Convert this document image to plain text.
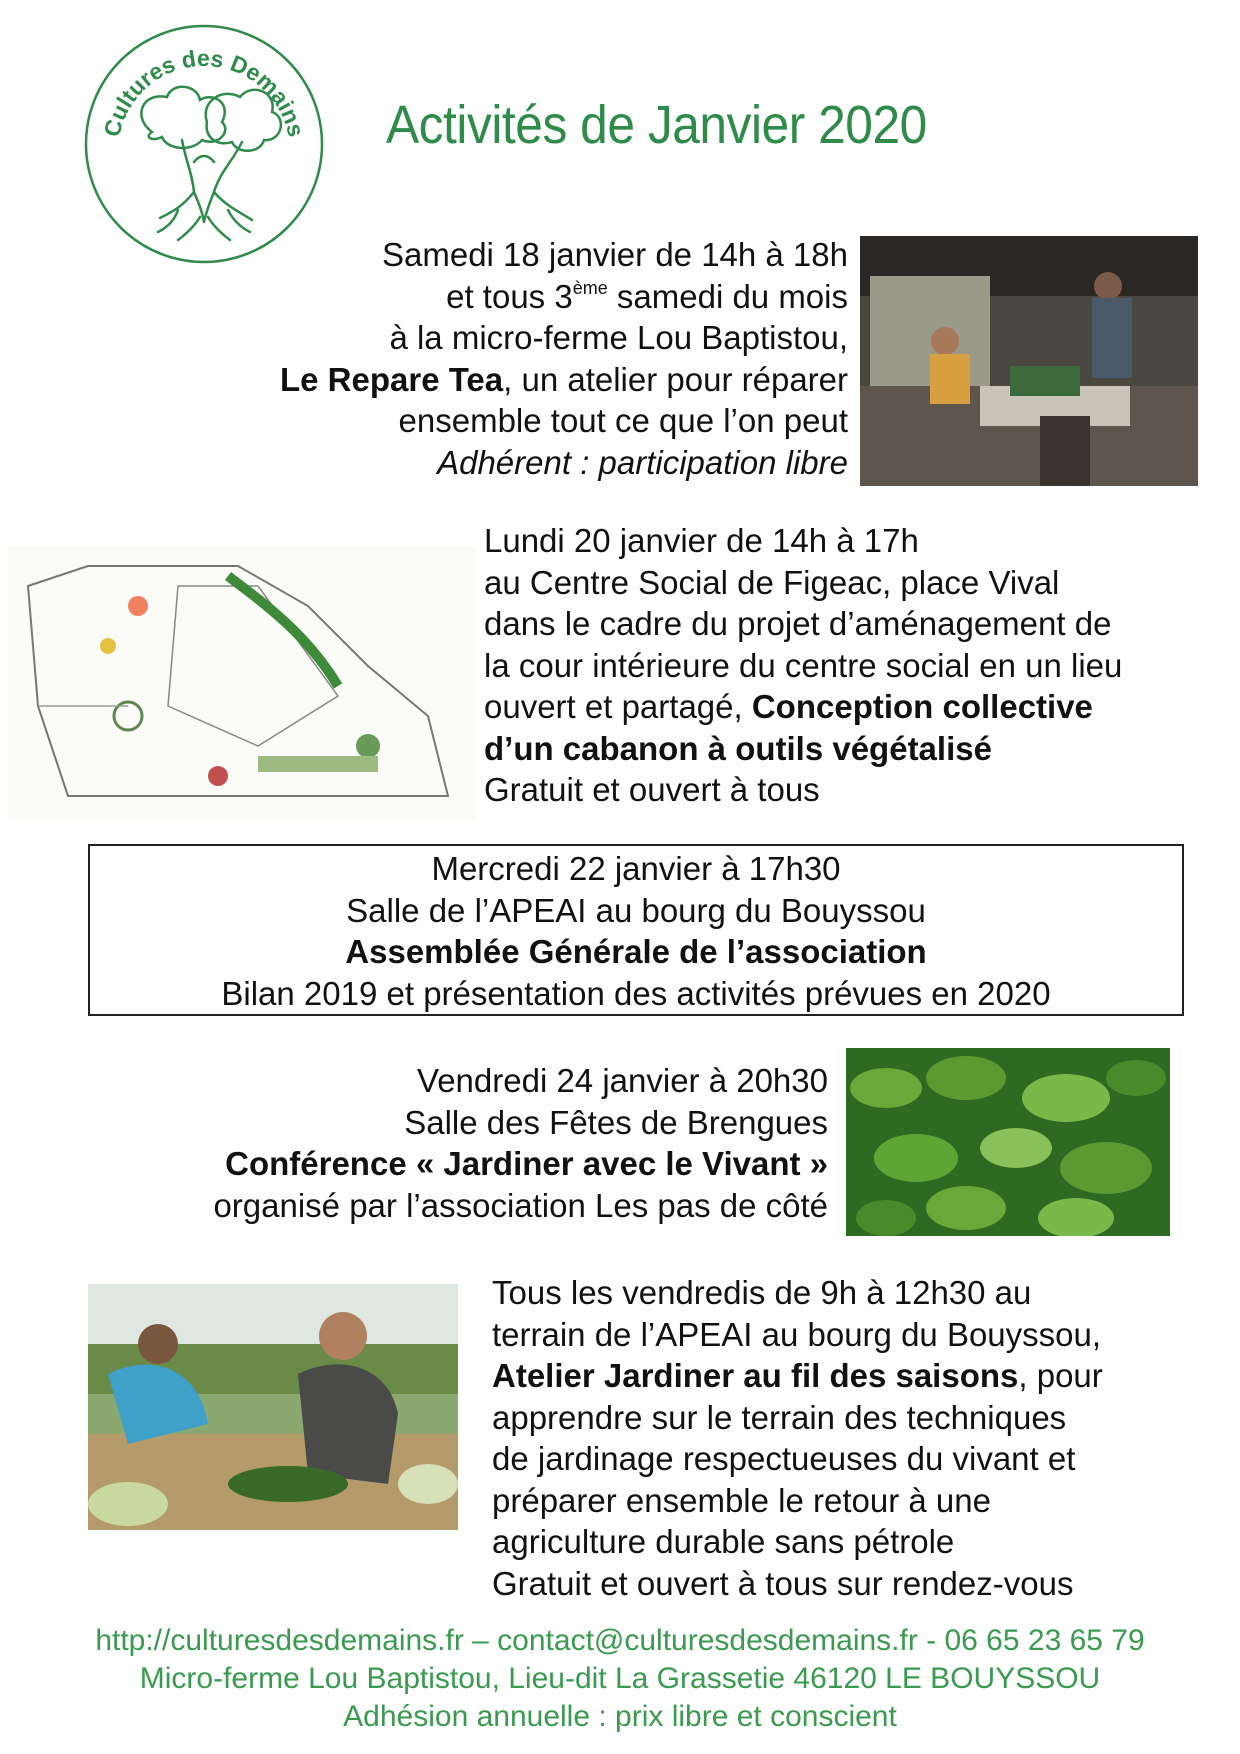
Cultures des Demains Activités de Janvier 2020
Samedi 18 janvier de 14h à 18h
et tous 3ème samedi du mois
à la micro-ferme Lou Baptistou,
Le Repare Tea, un atelier pour réparer
ensemble tout ce que l’on peut
Adhérent : participation libre
Lundi 20 janvier de 14h à 17h
au Centre Social de Figeac, place Vival
dans le cadre du projet d’aménagement de
la cour intérieure du centre social en un lieu
ouvert et partagé, Conception collective
d’un cabanon à outils végétalisé
Gratuit et ouvert à tous
Mercredi 22 janvier à 17h30
Salle de l’APEAI au bourg du Bouyssou
Assemblée Générale de l’association
Bilan 2019 et présentation des activités prévues en 2020
Vendredi 24 janvier à 20h30
Salle des Fêtes de Brengues
Conférence « Jardiner avec le Vivant »
organisé par l’association Les pas de côté
Tous les vendredis de 9h à 12h30 au
terrain de l’APEAI au bourg du Bouyssou,
Atelier Jardiner au fil des saisons, pour
apprendre sur le terrain des techniques
de jardinage respectueuses du vivant et
préparer ensemble le retour à une
agriculture durable sans pétrole
Gratuit et ouvert à tous sur rendez-vous
http://culturesdesdemains.fr – contact@culturesdesdemains.fr - 06 65 23 65 79
Micro-ferme Lou Baptistou, Lieu-dit La Grassetie 46120 LE BOUYSSOU
Adhésion annuelle : prix libre et conscient
